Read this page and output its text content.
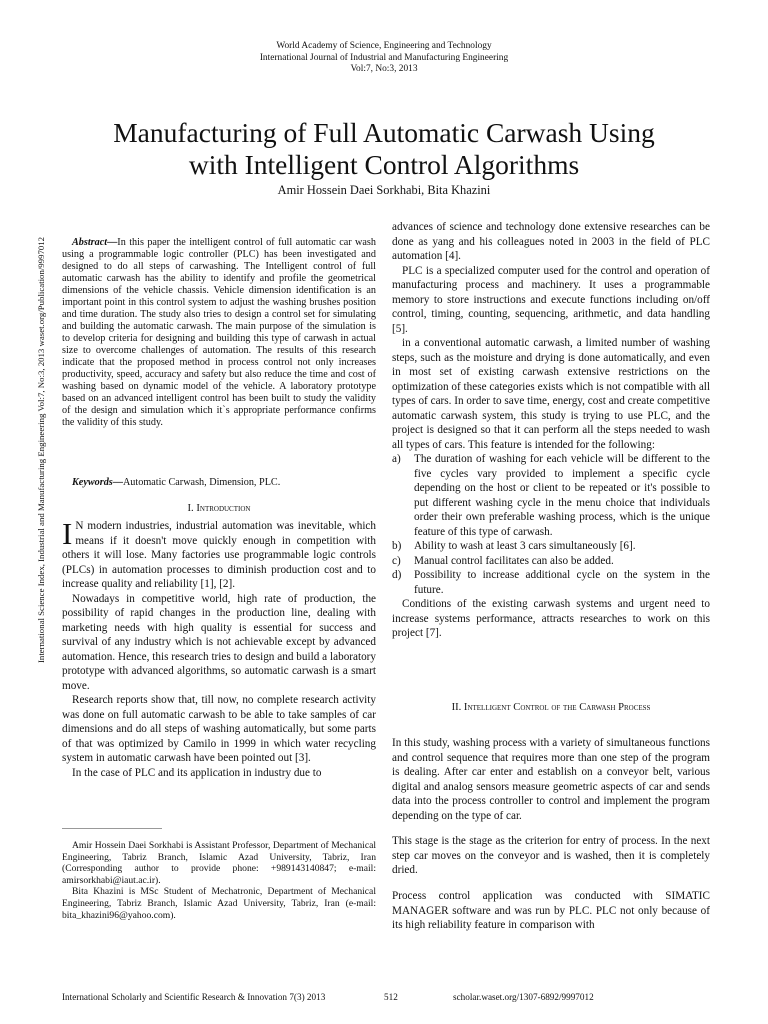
World Academy of Science, Engineering and Technology
International Journal of Industrial and Manufacturing Engineering
Vol:7, No:3, 2013
Manufacturing of Full Automatic Carwash Using
with Intelligent Control Algorithms
Amir Hossein Daei Sorkhabi, Bita Khazini
International Science Index, Industrial and Manufacturing Engineering Vol:7, No:3, 2013 waset.org/Publication/9997012	Abstract—In this paper the intelligent control of full automatic car wash using a programmable logic controller (PLC) has been investigated and designed to do all steps of carwashing. The Intelligent control of full automatic carwash has the ability to identify and profile the geometrical dimensions of the vehicle chassis. Vehicle dimension identification is an important point in this control system to adjust the washing brushes position and time duration. The study also tries to design a control set for simulating and building the automatic carwash. The main purpose of the simulation is to develop criteria for designing and building this type of carwash in actual size to overcome challenges of automation. The results of this research indicate that the proposed method in process control not only increases productivity, speed, accuracy and safety but also reduce the time and cost of washing based on dynamic model of the vehicle. A laboratory prototype based on an advanced intelligent control has been built to study the validity of the design and simulation which it`s appropriate performance confirms the validity of this study.

Keywords—Automatic Carwash, Dimension, PLC.

I. Introduction

I N modern industries, industrial automation was inevitable, which means if it doesn't move quickly enough in competition with others it will lose. Many factories use programmable logic controls (PLCs) in automation processes to diminish production cost and to increase quality and reliability [1], [2].

Nowadays in competitive world, high rate of production, the possibility of rapid changes in the production line, dealing with marketing needs with high quality is essential for success and survival of any industry which is not achievable except by advanced automation. Hence, this research tries to design and build a laboratory prototype with advanced algorithms, so automatic carwash is a smart move.

Research reports show that, till now, no complete research activity was done on full automatic carwash to be able to take samples of car dimensions and do all steps of washing automatically, but some parts of that was optimized by Camilo in 1999 in which water recycling system in automatic carwash have been pointed out [3].

In the case of PLC and its application in industry due to

Amir Hossein Daei Sorkhabi is Assistant Professor, Department of Mechanical Engineering, Tabriz Branch, Islamic Azad University, Tabriz, Iran (Corresponding author to provide phone: +989143140847; e-mail: amirsorkhabi@iaut.ac.ir).

Bita Khazini is MSc Student of Mechatronic, Department of Mechanical Engineering, Tabriz Branch, Islamic Azad University, Tabriz, Iran (e-mail: bita_khazini96@yahoo.com).

advances of science and technology done extensive researches can be done as yang and his colleagues noted in 2003 in the field of PLC automation [4].

PLC is a specialized computer used for the control and operation of manufacturing process and machinery. It uses a programmable memory to store instructions and execute functions including on/off control, timing, counting, sequencing, arithmetic, and data handling [5].

in a conventional automatic carwash, a limited number of washing steps, such as the moisture and drying is done automatically, and even in most set of existing carwash extensive restrictions on the optimization of these categories exists which is not compatible with all types of cars. In order to save time, energy, cost and create competitive automatic carwash system, this study is trying to use PLC, and the project is designed so that it can perform all the steps needed to wash all types of cars. This feature is intended for the following:

a)	The duration of washing for each vehicle will be different to the five cycles vary provided to implement a specific cycle depending on the host or client to be repeated or it's possible to put different washing cycle in the menu choice that individuals order their own preferable washing process, which is the unique feature of this type of carwash.
b)	Ability to wash at least 3 cars simultaneously [6].
c)	Manual control facilitates can also be added.
d)	Possibility to increase additional cycle on the system in the future.

Conditions of the existing carwash systems and urgent need to increase systems performance, attracts researches to work on this project [7].

II. Intelligent Control of the Carwash Process

In this study, washing process with a variety of simultaneous functions and control sequence that requires more than one step of the program is dealing. After car enter and establish on a conveyor belt, various digital and analog sensors measure geometric aspects of car and sends data into the process controller to control and implement the program depending on the type of car.

This stage is the stage as the criterion for entry of process. In the next step car moves on the conveyor and is washed, then it is completely dried.

Process control application was conducted with SIMATIC MANAGER software and was run by PLC. PLC not only because of its high reliability feature in comparison with

International Scholarly and Scientific Research & Innovation 7(3) 2013	512	scholar.waset.org/1307-6892/9997012
